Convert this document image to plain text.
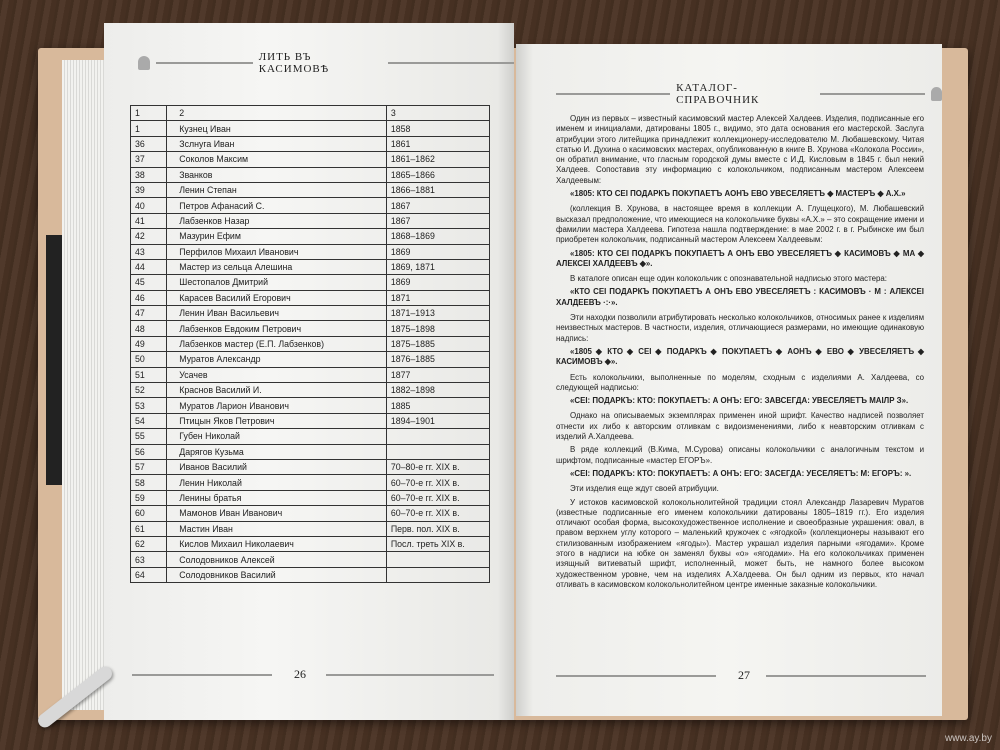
ЛИТЬ ВЪ КАСИМОВѢ
1	2	3
1	Кузнец Иван	1858
36	Зслнуга Иван	1861
37	Соколов Максим	1861–1862
38	Званков	1865–1866
39	Ленин Степан	1866–1881
40	Петров Афанасий С.	1867
41	Лабзенков Назар	1867
42	Мазурин Ефим	1868–1869
43	Перфилов Михаил Иванович	1869
44	Мастер из сельца Алешина	1869, 1871
45	Шестопалов Дмитрий	1869
46	Карасев Василий Егорович	1871
47	Ленин Иван Васильевич	1871–1913
48	Лабзенков Евдоким Петрович	1875–1898
49	Лабзенков мастер (Е.П. Лабзенков)	1875–1885
50	Муратов Александр	1876–1885
51	Усачев	1877
52	Краснов Василий И.	1882–1898
53	Муратов Ларион Иванович	1885
54	Птицын Яков Петрович	1894–1901
55	Губен Николай	
56	Дарягов Кузьма	
57	Иванов Василий	70–80-е гг. XIX в.
58	Ленин Николай	60–70-е гг. XIX в.
59	Ленины братья	60–70-е гг. XIX в.
60	Мамонов Иван Иванович	60–70-е гг. XIX в.
61	Мастин Иван	Перв. пол. XIX в.
62	Кислов Михаил Николаевич	Посл. треть XIX в.
63	Солодовников Алексей	
64	Солодовников Василий	
26
КАТАЛОГ-СПРАВОЧНИК

Один из первых – известный касимовский мастер Алексей Халдеев. Изделия, подписанные его именем и инициалами, датированы 1805 г., видимо, это дата основания его мастерской. Заслуга атрибуции этого литейщика принадлежит коллекционеру-исследователю М. Любашевскому. Читая статью И. Духина о касимовских мастерах, опубликованную в книге В. Хрунова «Колокола России», он обратил внимание, что гласным городской думы вместе с И.Д. Кисловым в 1845 г. был некий Халдеев. Сопоставив эту информацию с колокольчиком, подписанным мастером Алексеем Халдеевым:

«1805: КТО СЕI ПОДАРКЪ ПОКУПАЕТЪ АОНЪ ЕВО УВЕСЕЛЯЕТЪ ◆ МАСТЕРЪ ◆ А.Х.»

(коллекция В. Хрунова, в настоящее время в коллекции А. Глущецкого), М. Любашевский высказал предположение, что имеющиеся на колокольчике буквы «А.Х.» – это сокращение имени и фамилии мастера Халдеева. Гипотеза нашла подтверждение: в мае 2002 г. в г. Рыбинске им был приобретен колокольчик, подписанный мастером Алексеем Халдеевым:

«1805: КТО СЕI ПОДАРКЪ ПОКУПАЕТЪ А ОНЪ ЕВО УВЕСЕЛЯЕТЪ ◆ КАСИМОВЪ ◆ МА ◆ АЛЕКСЕI ХАЛДЕЕВЪ ◆».

В каталоге описан еще один колокольчик с опознавательной надписью этого мастера:

«КТО СЕI ПОДАРКЪ ПОКУПАЕТЪ А ОНЪ ЕВО УВЕСЕЛЯЕТЪ : КАСИМОВЪ · М : АЛЕКСЕI ХАЛДЕЕВЪ ·:·».

Эти находки позволили атрибутировать несколько колокольчиков, относимых ранее к изделиям неизвестных мастеров. В частности, изделия, отличающиеся размерами, но имеющие одинаковую надпись:

«1805 ◆ КТО ◆ СЕI ◆ ПОДАРКЪ ◆ ПОКУПАЕТЪ ◆ АОНЪ ◆ ЕВО ◆ УВЕСЕЛЯЕТЪ ◆ КАСИМОВЪ ◆».

Есть колокольчики, выполненные по моделям, сходным с изделиями А. Халдеева, со следующей надписью:

«СЕI: ПОДАРКЪ: КТО: ПОКУПАЕТЪ: А ОНЪ: ЕГО: ЗАВСЕГДА: УВЕСЕЛЯЕТЪ МАIЛР З».

Однако на описываемых экземплярах применен иной шрифт. Качество надписей позволяет отнести их либо к авторским отливкам с видоизменениями, либо к неавторским отливкам с изделий А.Халдеева.

В ряде коллекций (В.Кима, М.Сурова) описаны колокольчики с аналогичным текстом и шрифтом, подписанные «мастер ЕГОРЪ».

«СЕI: ПОДАРКЪ: КТО: ПОКУПАЕТЪ: А ОНЪ: ЕГО: ЗАСЕГДА: УЕСЕЛЯЕТЪ: М: ЕГОРЪ: ».

Эти изделия еще ждут своей атрибуции.

У истоков касимовской колокольнолитейной традиции стоял Александр Лазаревич Муратов (известные подписанные его именем колокольчики датированы 1805–1819 гг.). Его изделия отличают особая форма, высокохудожественное исполнение и своеобразные украшения: овал, в правом верхнем углу которого – маленький кружочек с «ягодкой» (коллекционеры называют его стилизованным изображением «ягоды»). Мастер украшал изделия парными «ягодами». Кроме этого в надписи на юбке он заменял буквы «о» «ягодами». На его колокольчиках применен изящный витиеватый шрифт, исполненный, может быть, не намного более высоком художественном уровне, чем на изделиях А.Халдеева. Он был одним из первых, кто начал отливать в касимовском колокольнолитейном центре именные заказные колокольчики.

27
www.ay.by
